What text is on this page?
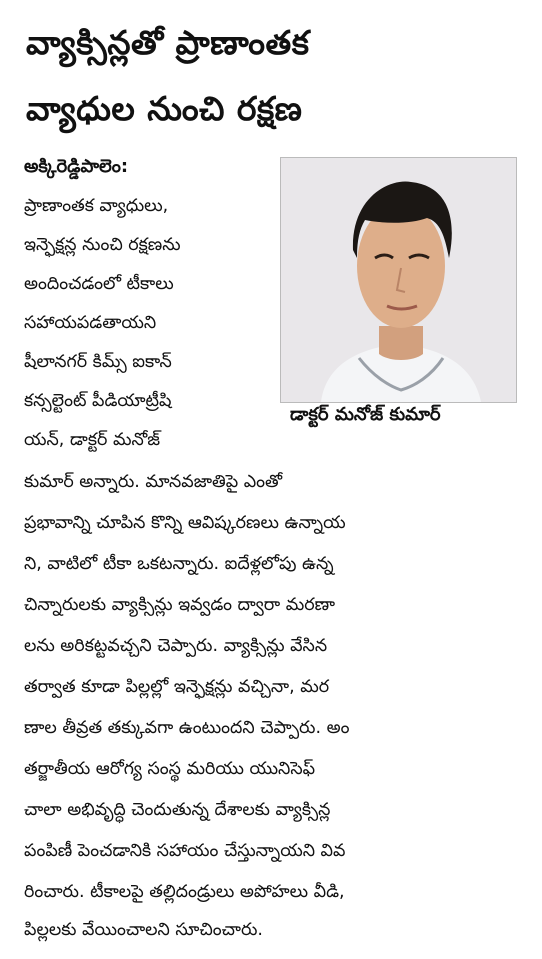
వ్యాక్సిన్లతో ప్రాణాంతక
వ్యాధుల నుంచి రక్షణ
అక్కిరెడ్డిపాలెం:
డాక్టర్‌ మనోజ్‌ కుమార్‌
ప్రాణాంతక వ్యాధులు,
ఇన్ఫెక్షన్ల నుంచి రక్షణను
అందించడంలో టీకాలు
సహాయపడతాయని
షీలానగర్‌ కిమ్స్‌ ఐకాన్‌
కన్సల్టెంట్‌ పీడియాట్రీషి
యన్‌, డాక్టర్‌ మనోజ్‌
కుమార్‌ అన్నారు. మానవజాతిపై ఎంతో
ప్రభావాన్ని చూపిన కొన్ని ఆవిష్కరణలు ఉన్నాయ
ని, వాటిలో టీకా ఒకటన్నారు. ఐదేళ్లలోపు ఉన్న
చిన్నారులకు వ్యాక్సిన్లు ఇవ్వడం ద్వారా మరణా
లను అరికట్టవచ్చని చెప్పారు. వ్యాక్సిన్లు వేసిన
తర్వాత కూడా పిల్లల్లో ఇన్ఫెక్షన్లు వచ్చినా, మర
ణాల తీవ్రత తక్కువగా ఉంటుందని చెప్పారు. అం
తర్జాతీయ ఆరోగ్య సంస్థ మరియు యునిసెఫ్‌
చాలా అభివృద్ధి చెందుతున్న దేశాలకు వ్యాక్సిన్ల
పంపిణీ పెంచడానికి సహాయం చేస్తున్నాయని వివ
రించారు. టీకాలపై తల్లిదండ్రులు అపోహలు వీడి,
పిల్లలకు వేయించాలని సూచించారు.
